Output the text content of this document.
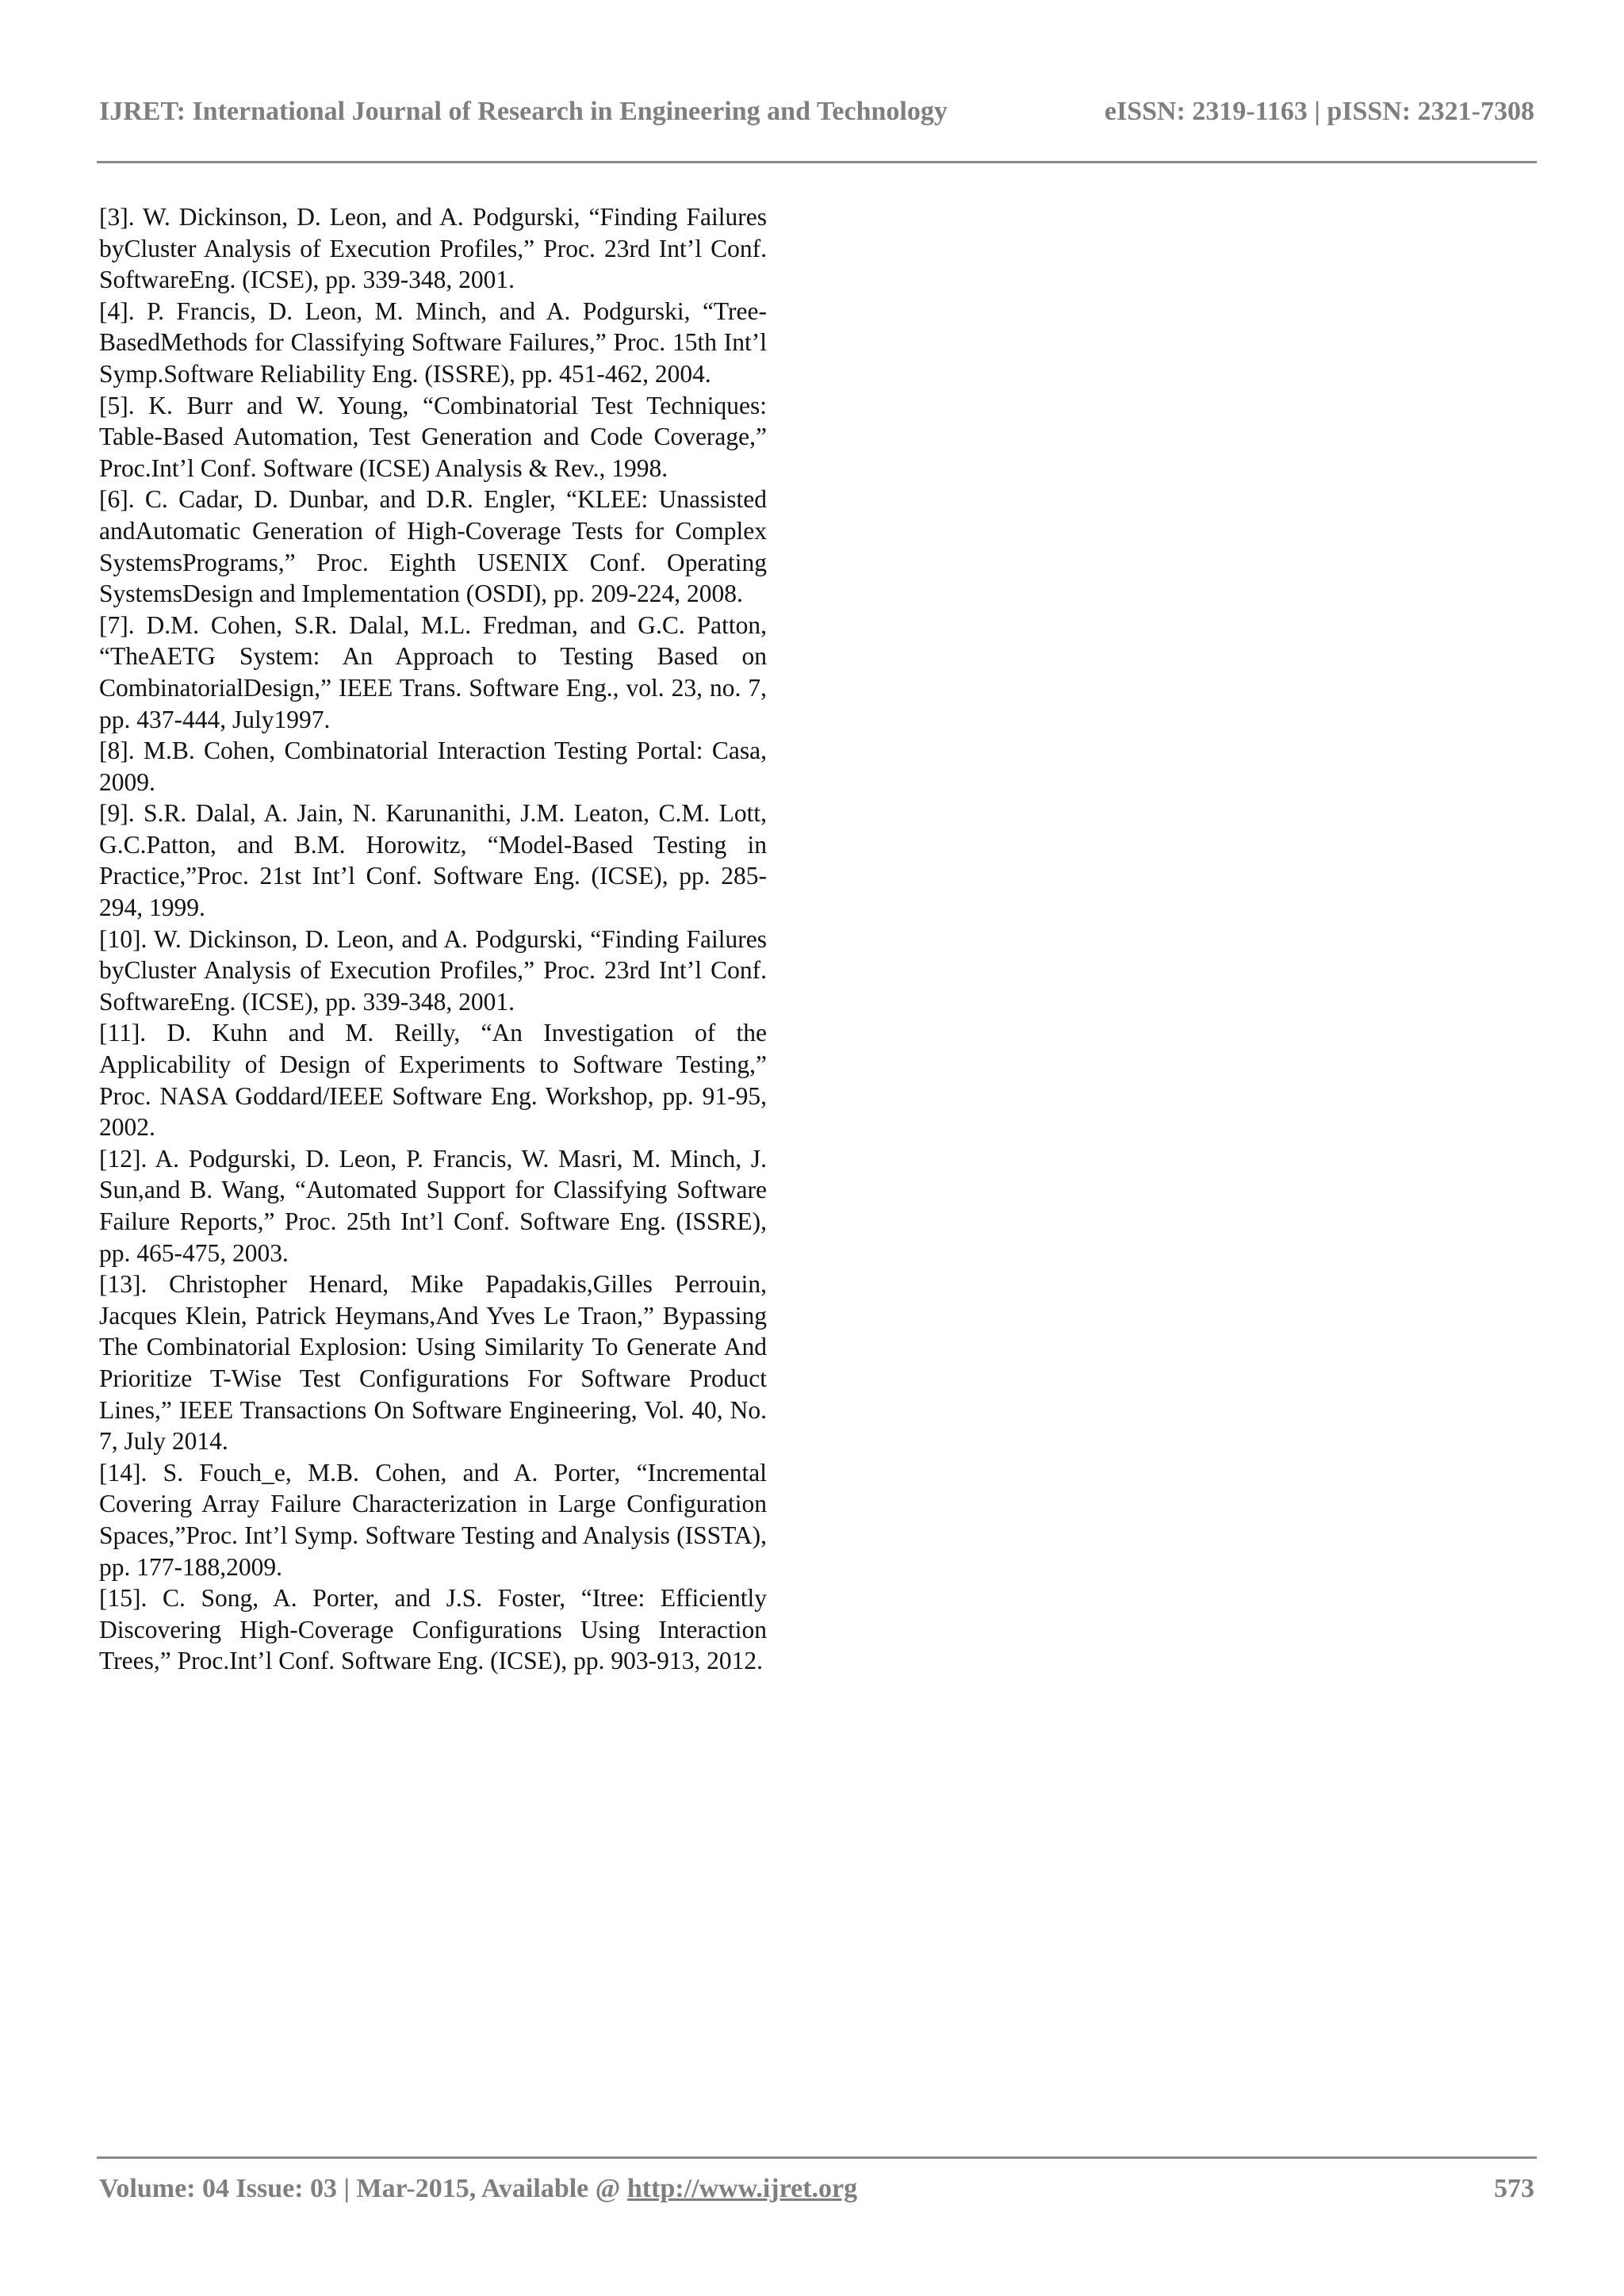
IJRET: International Journal of Research in Engineering and Technology	eISSN: 2319-1163 | pISSN: 2321-7308

[3]. W. Dickinson, D. Leon, and A. Podgurski, “Finding Failures byCluster Analysis of Execution Profiles,” Proc. 23rd Int’l Conf. SoftwareEng. (ICSE), pp. 339-348, 2001.

[4]. P. Francis, D. Leon, M. Minch, and A. Podgurski, “Tree-BasedMethods for Classifying Software Failures,” Proc. 15th Int’l Symp.Software Reliability Eng. (ISSRE), pp. 451-462, 2004.

[5]. K. Burr and W. Young, “Combinatorial Test Techniques: Table-Based Automation, Test Generation and Code Coverage,” Proc.Int’l Conf. Software (ICSE) Analysis & Rev., 1998.

[6]. C. Cadar, D. Dunbar, and D.R. Engler, “KLEE: Unassisted andAutomatic Generation of High-Coverage Tests for Complex SystemsPrograms,” Proc. Eighth USENIX Conf. Operating SystemsDesign and Implementation (OSDI), pp. 209-224, 2008.

[7]. D.M. Cohen, S.R. Dalal, M.L. Fredman, and G.C. Patton, “TheAETG System: An Approach to Testing Based on CombinatorialDesign,” IEEE Trans. Software Eng., vol. 23, no. 7, pp. 437-444, July1997.

[8]. M.B. Cohen, Combinatorial Interaction Testing Portal: Casa, 2009.

[9]. S.R. Dalal, A. Jain, N. Karunanithi, J.M. Leaton, C.M. Lott, G.C.Patton, and B.M. Horowitz, “Model-Based Testing in Practice,”Proc. 21st Int’l Conf. Software Eng. (ICSE), pp. 285-294, 1999.

[10]. W. Dickinson, D. Leon, and A. Podgurski, “Finding Failures byCluster Analysis of Execution Profiles,” Proc. 23rd Int’l Conf. SoftwareEng. (ICSE), pp. 339-348, 2001.

[11]. D. Kuhn and M. Reilly, “An Investigation of the Applicability of Design of Experiments to Software Testing,” Proc. NASA Goddard/IEEE Software Eng. Workshop, pp. 91-95, 2002.

[12]. A. Podgurski, D. Leon, P. Francis, W. Masri, M. Minch, J. Sun,and B. Wang, “Automated Support for Classifying Software Failure Reports,” Proc. 25th Int’l Conf. Software Eng. (ISSRE), pp. 465-475, 2003.

[13]. Christopher Henard, Mike Papadakis,Gilles Perrouin, Jacques Klein, Patrick Heymans,And Yves Le Traon,” Bypassing The Combinatorial Explosion: Using Similarity To Generate And Prioritize T-Wise Test Configurations For Software Product Lines,” IEEE Transactions On Software Engineering, Vol. 40, No. 7, July 2014.

[14]. S. Fouch_e, M.B. Cohen, and A. Porter, “Incremental Covering Array Failure Characterization in Large Configuration Spaces,”Proc. Int’l Symp. Software Testing and Analysis (ISSTA), pp. 177-188,2009.

[15]. C. Song, A. Porter, and J.S. Foster, “Itree: Efficiently Discovering High-Coverage Configurations Using Interaction Trees,” Proc.Int’l Conf. Software Eng. (ICSE), pp. 903-913, 2012.

Volume: 04 Issue: 03 | Mar-2015, Available @ http://www.ijret.org	573
